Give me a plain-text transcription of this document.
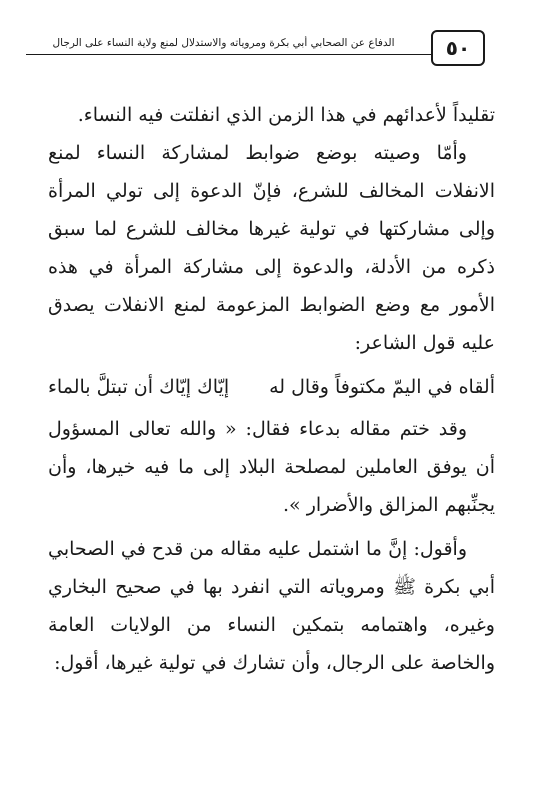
٥٠
الدفاع عن الصحابي أبي بكرة ومروياته والاستدلال لمنع ولاية النساء على الرجال

تقليداً لأعدائهم في هذا الزمن الذي انفلتت فيه النساء.

وأمّا وصيته بوضع ضوابط لمشاركة النساء لمنع الانفلات المخالف للشرع، فإنّ الدعوة إلى تولي المرأة وإلى مشاركتها في تولية غيرها مخالف للشرع لما سبق ذكره من الأدلة، والدعوة إلى مشاركة المرأة في هذه الأمور مع وضع الضوابط المزعومة لمنع الانفلات يصدق عليه قول الشاعر:

ألقاه في اليمّ مكتوفاً وقال له
إيّاك إيّاك أن تبتلَّ بالماء

وقد ختم مقاله بدعاء فقال: « والله تعالى المسؤول أن يوفق العاملين لمصلحة البلاد إلى ما فيه خيرها، وأن يجنِّبهم المزالق والأضرار ».

وأقول: إنَّ ما اشتمل عليه مقاله من قدح في الصحابي أبي بكرة ﷺ ومروياته التي انفرد بها في صحيح البخاري وغيره، واهتمامه بتمكين النساء من الولايات العامة والخاصة على الرجال، وأن تشارك في تولية غيرها، أقول:
